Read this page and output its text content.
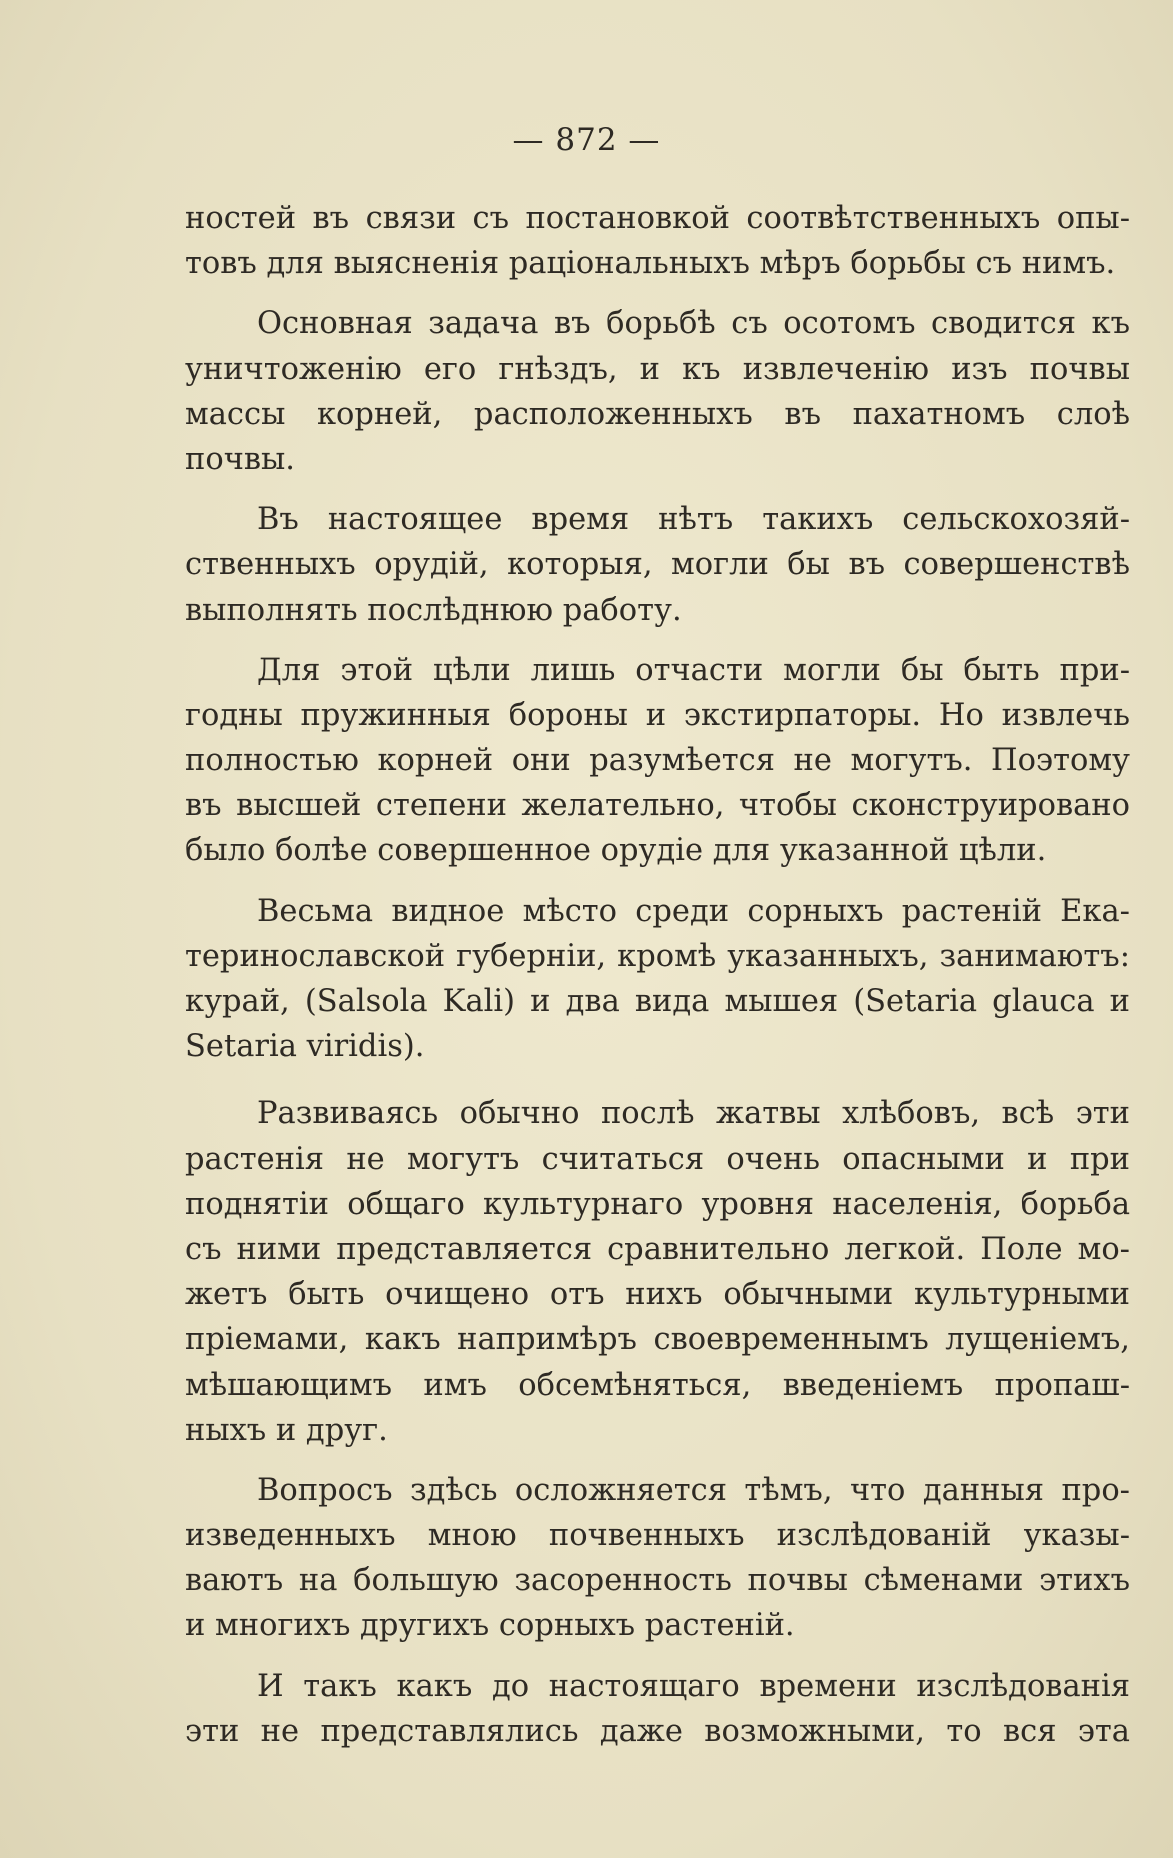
— 872 —
ностей въ связи съ постановкой соотвѣтственныхъ опы-
товъ для выясненія раціональныхъ мѣръ борьбы съ нимъ.
Основная задача въ борьбѣ съ осотомъ сводится къ
уничтоженію его гнѣздъ, и къ извлеченію изъ почвы
массы корней, расположенныхъ въ пахатномъ слоѣ
почвы.
Въ настоящее время нѣтъ такихъ сельскохозяй-
ственныхъ орудій, которыя, могли бы въ совершенствѣ
выполнять послѣднюю работу.
Для этой цѣли лишь отчасти могли бы быть при-
годны пружинныя бороны и экстирпаторы. Но извлечь
полностью корней они разумѣется не могутъ. Поэтому
въ высшей степени желательно, чтобы сконструировано
было болѣе совершенное орудіе для указанной цѣли.
Весьма видное мѣсто среди сорныхъ растеній Ека-
теринославской губерніи, кромѣ указанныхъ, занимаютъ:
курай, (Salsola Kali) и два вида мышея (Setaria glauca и
Setaria viridis).
Развиваясь обычно послѣ жатвы хлѣбовъ, всѣ эти
растенія не могутъ считаться очень опасными и при
поднятіи общаго культурнаго уровня населенія, борьба
съ ними представляется сравнительно легкой. Поле мо-
жетъ быть очищено отъ нихъ обычными культурными
пріемами, какъ напримѣръ своевременнымъ лущеніемъ,
мѣшающимъ имъ обсемѣняться, введеніемъ пропаш-
ныхъ и друг.
Вопросъ здѣсь осложняется тѣмъ, что данныя про-
изведенныхъ мною почвенныхъ изслѣдованій указы-
ваютъ на большую засоренность почвы сѣменами этихъ
и многихъ другихъ сорныхъ растеній.
И такъ какъ до настоящаго времени изслѣдованія
эти не представлялись даже возможными, то вся эта
